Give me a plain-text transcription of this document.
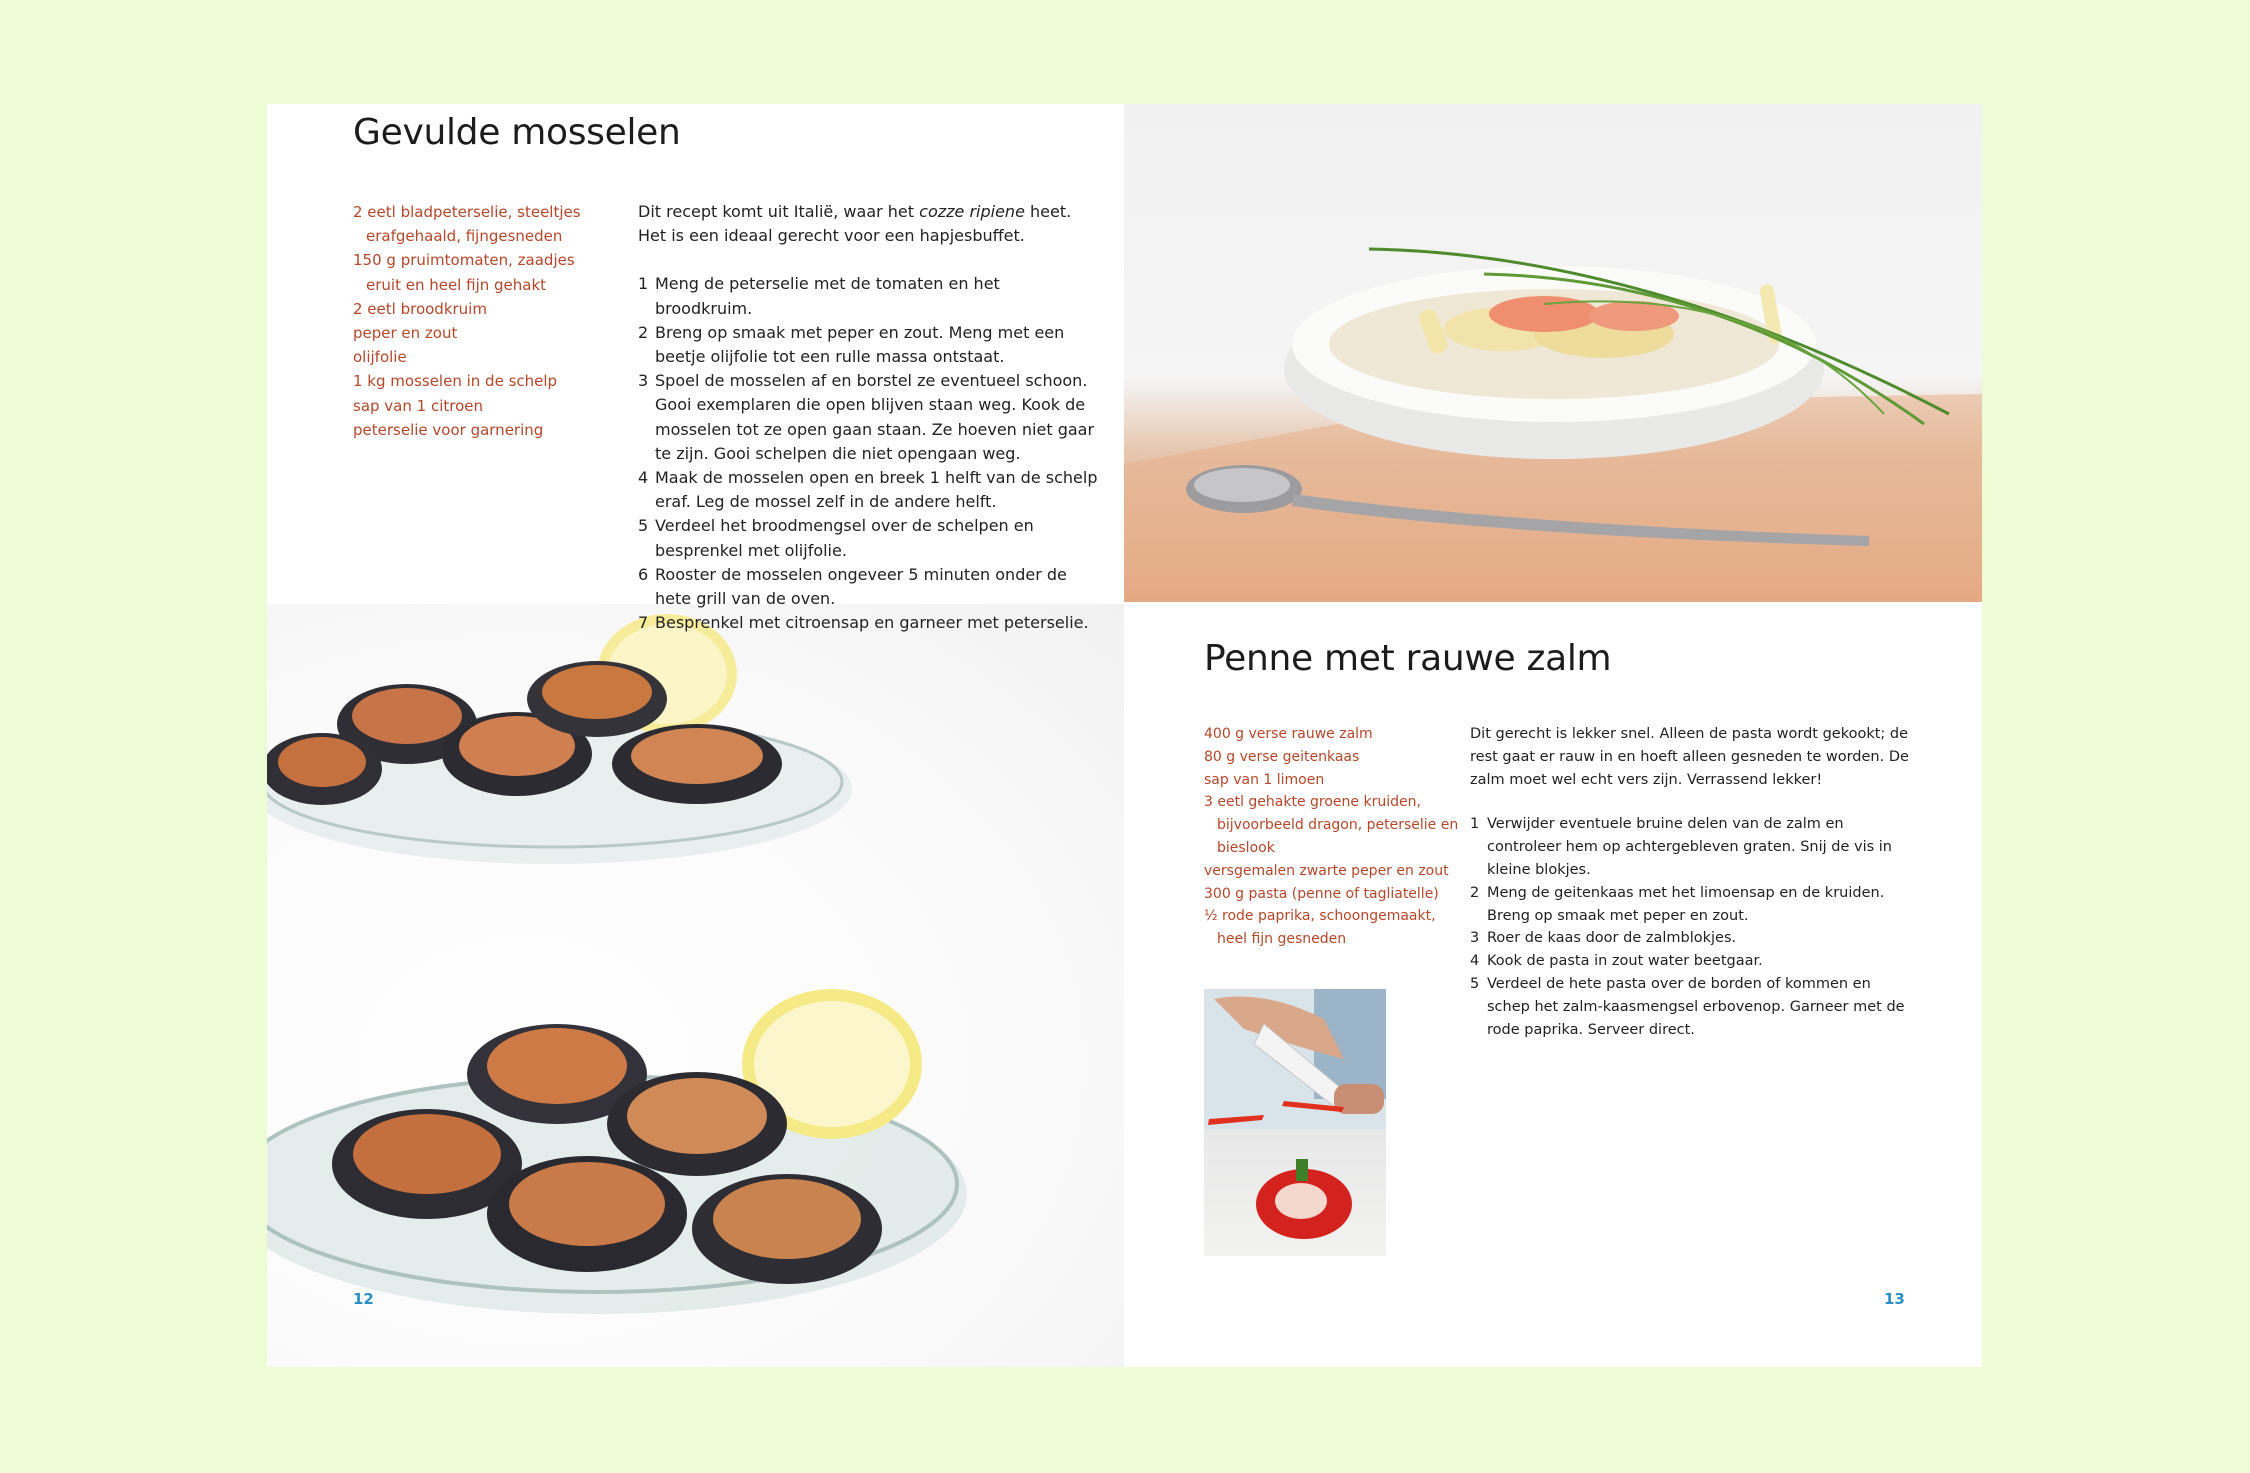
Gevulde mosselen
2 eetl bladpeterselie, steeltjes erafgehaald, fijngesneden
150 g pruimtomaten, zaadjes eruit en heel fijn gehakt
2 eetl broodkruim
peper en zout
olijfolie
1 kg mosselen in de schelp
sap van 1 citroen
peterselie voor garnering

Dit recept komt uit Italië, waar het cozze ripiene heet. Het is een ideaal gerecht voor een hapjesbuffet.

1 Meng de peterselie met de tomaten en het broodkruim.
2 Breng op smaak met peper en zout. Meng met een beetje olijfolie tot een rulle massa ontstaat.
3 Spoel de mosselen af en borstel ze eventueel schoon. Gooi exemplaren die open blijven staan weg. Kook de mosselen tot ze open gaan staan. Ze hoeven niet gaar te zijn. Gooi schelpen die niet opengaan weg.
4 Maak de mosselen open en breek 1 helft van de schelp eraf. Leg de mossel zelf in de andere helft.
5 Verdeel het broodmengsel over de schelpen en besprenkel met olijfolie.
6 Rooster de mosselen ongeveer 5 minuten onder de hete grill van de oven.
7 Besprenkel met citroensap en garneer met peterselie.
12
Penne met rauwe zalm
400 g verse rauwe zalm
80 g verse geitenkaas
sap van 1 limoen
3 eetl gehakte groene kruiden, bijvoorbeeld dragon, peterselie en bieslook
versgemalen zwarte peper en zout
300 g pasta (penne of tagliatelle)
½ rode paprika, schoongemaakt, heel fijn gesneden

Dit gerecht is lekker snel. Alleen de pasta wordt gekookt; de rest gaat er rauw in en hoeft alleen gesneden te worden. De zalm moet wel echt vers zijn. Verrassend lekker!

1 Verwijder eventuele bruine delen van de zalm en controleer hem op achtergebleven graten. Snij de vis in kleine blokjes.
2 Meng de geitenkaas met het limoensap en de kruiden. Breng op smaak met peper en zout.
3 Roer de kaas door de zalmblokjes.
4 Kook de pasta in zout water beetgaar.
5 Verdeel de hete pasta over de borden of kommen en schep het zalm-kaasmengsel erbovenop. Garneer met de rode paprika. Serveer direct.
13
